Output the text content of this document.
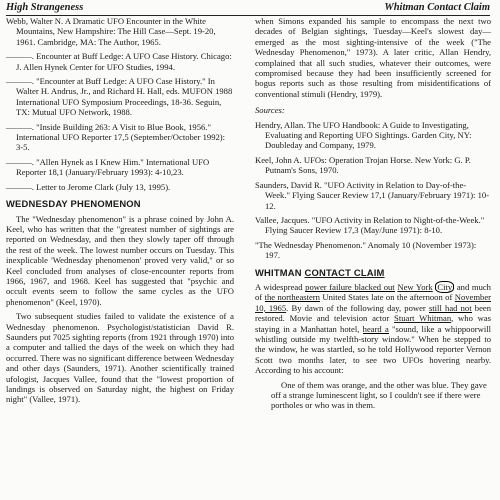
High Strangeness	Whitman Contact Claim

Webb, Walter N. A Dramatic UFO Encounter in the White Mountains, New Hampshire: The Hill Case—Sept. 19-20, 1961. Cambridge, MA: The Author, 1965.

———. Encounter at Buff Ledge: A UFO Case History. Chicago: J. Allen Hynek Center for UFO Studies, 1994.

———. "Encounter at Buff Ledge: A UFO Case History." In Walter H. Andrus, Jr., and Richard H. Hall, eds. MUFON 1988 International UFO Symposium Proceedings, 18-36. Seguin, TX: Mutual UFO Network, 1988.

———. "Inside Building 263: A Visit to Blue Book, 1956." International UFO Reporter 17,5 (September/October 1992): 3-5.

———. "Allen Hynek as I Knew Him." International UFO Reporter 18,1 (January/February 1993): 4-10,23.

———. Letter to Jerome Clark (July 13, 1995).

WEDNESDAY PHENOMENON

The "Wednesday phenomenon" is a phrase coined by John A. Keel, who has written that the "greatest number of sightings are reported on Wednesday, and then they slowly taper off through the rest of the week. The lowest number occurs on Tuesday. This inexplicable 'Wednesday phenomenon' proved very valid," or so Keel concluded from analyses of close-encounter reports from 1966, 1967, and 1968. Keel has suggested that "psychic and occult events seem to follow the same cycles as the UFO phenomenon" (Keel, 1970).

Two subsequent studies failed to validate the existence of a Wednesday phenomenon. Psychologist/statistician David R. Saunders put 7025 sighting reports (from 1921 through 1970) into a computer and tallied the days of the week on which they had occurred. There was no significant difference between Wednesday and other days (Saunders, 1971). Another scientifically trained ufologist, Jacques Vallee, found that the "lowest proportion of landings is observed on Saturday night, the highest on Friday night" (Vallee, 1971).

when Simons expanded his sample to encompass the next two decades of Belgian sightings, Tuesday—Keel's slowest day—emerged as the most sighting-intensive of the week ("The Wednesday Phenomenon," 1973). A later critic, Allan Hendry, complained that all such studies, whatever their outcomes, were compromised because they had been insufficiently screened for bogus reports such as those resulting from misidentifications of conventional stimuli (Hendry, 1979).

Sources:

Hendry, Allan. The UFO Handbook: A Guide to Investigating, Evaluating and Reporting UFO Sightings. Garden City, NY: Doubleday and Company, 1979.

Keel, John A. UFOs: Operation Trojan Horse. New York: G. P. Putnam's Sons, 1970.

Saunders, David R. "UFO Activity in Relation to Day-of-the-Week." Flying Saucer Review 17,1 (January/February 1971): 10-12.

Vallee, Jacques. "UFO Activity in Relation to Night-of-the-Week." Flying Saucer Review 17,3 (May/June 1971): 8-10.

"The Wednesday Phenomenon." Anomaly 10 (November 1973): 197.

WHITMAN CONTACT CLAIM

A widespread power failure blacked out New York City and much of the northeastern United States late on the afternoon of November 10, 1965. By dawn of the following day, power still had not been restored. Movie and television actor Stuart Whitman, who was staying in a Manhattan hotel, heard a "sound, like a whippoorwill whistling outside my twelfth-story window." When he stepped to the window, he was startled, so he told Hollywood reporter Vernon Scott two months later, to see two UFOs hovering nearby. According to his account:

One of them was orange, and the other was blue. They gave off a strange luminescent light, so I couldn't see if there were portholes or who was in them.
